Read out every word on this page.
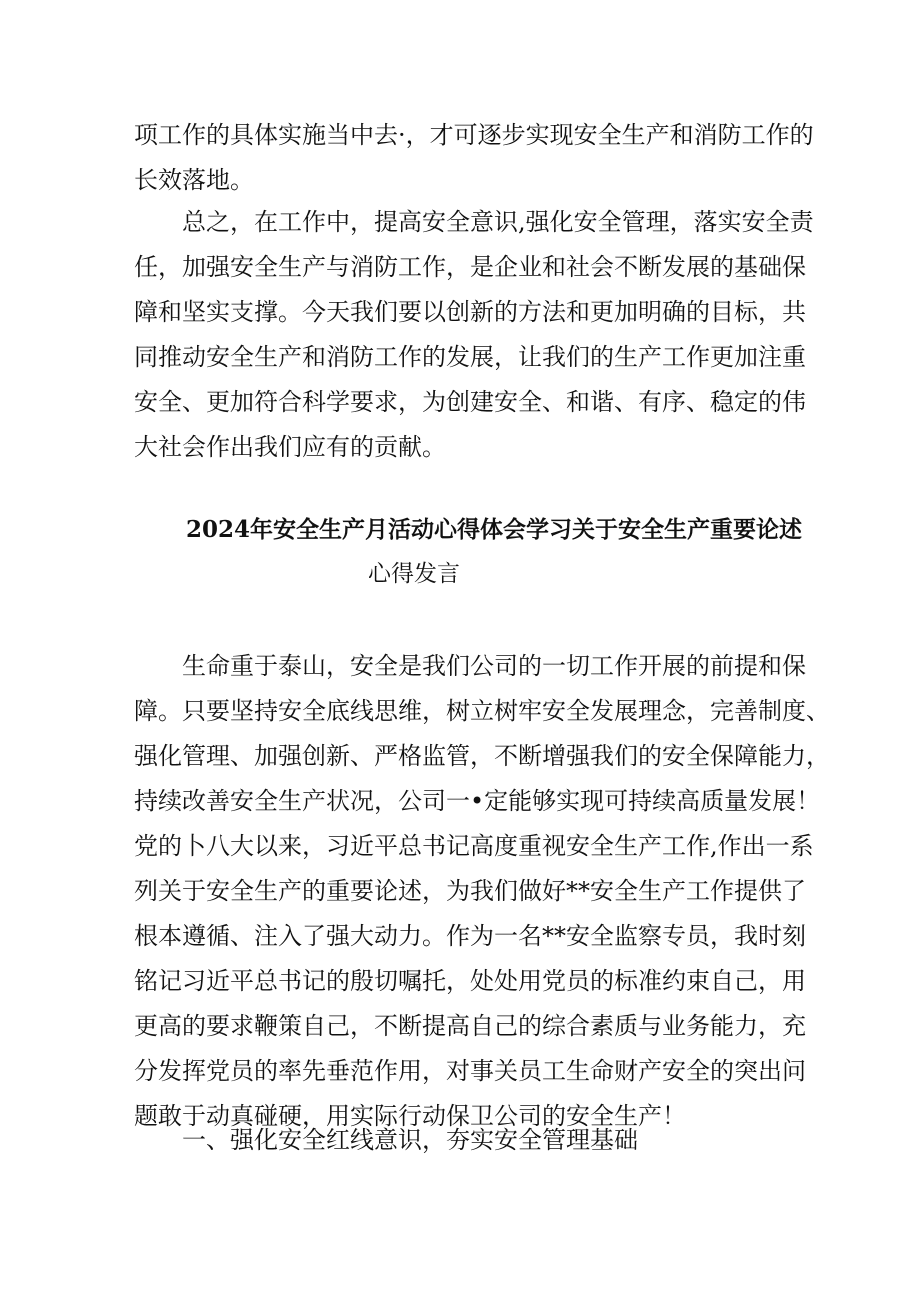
项工作的具体实施当中去·，才可逐步实现安全生产和消防工作的
长效落地。
总之，在工作中，提高安全意识,强化安全管理，落实安全责
任，加强安全生产与消防工作，是企业和社会不断发展的基础保
障和坚实支撑。今天我们要以创新的方法和更加明确的目标，共
同推动安全生产和消防工作的发展，让我们的生产工作更加注重
安全、更加符合科学要求，为创建安全、和谐、有序、稳定的伟
大社会作出我们应有的贡献。
2024年安全生产月活动心得体会学习关于安全生产重要论述
心得发言
生命重于泰山，安全是我们公司的一切工作开展的前提和保
障。只要坚持安全底线思维，树立树牢安全发展理念，完善制度、
强化管理、加强创新、严格监管，不断增强我们的安全保障能力，
持续改善安全生产状况，公司一•定能够实现可持续高质量发展！
党的卜八大以来，习近平总书记高度重视安全生产工作,作出一系
列关于安全生产的重要论述，为我们做好**安全生产工作提供了
根本遵循、注入了强大动力。作为一名**安全监察专员，我时刻
铭记习近平总书记的殷切嘱托，处处用党员的标准约束自己，用
更高的要求鞭策自己，不断提高自己的综合素质与业务能力，充
分发挥党员的率先垂范作用，对事关员工生命财产安全的突出问
题敢于动真碰硬，用实际行动保卫公司的安全生产！
一、强化安全红线意识，夯实安全管理基础
